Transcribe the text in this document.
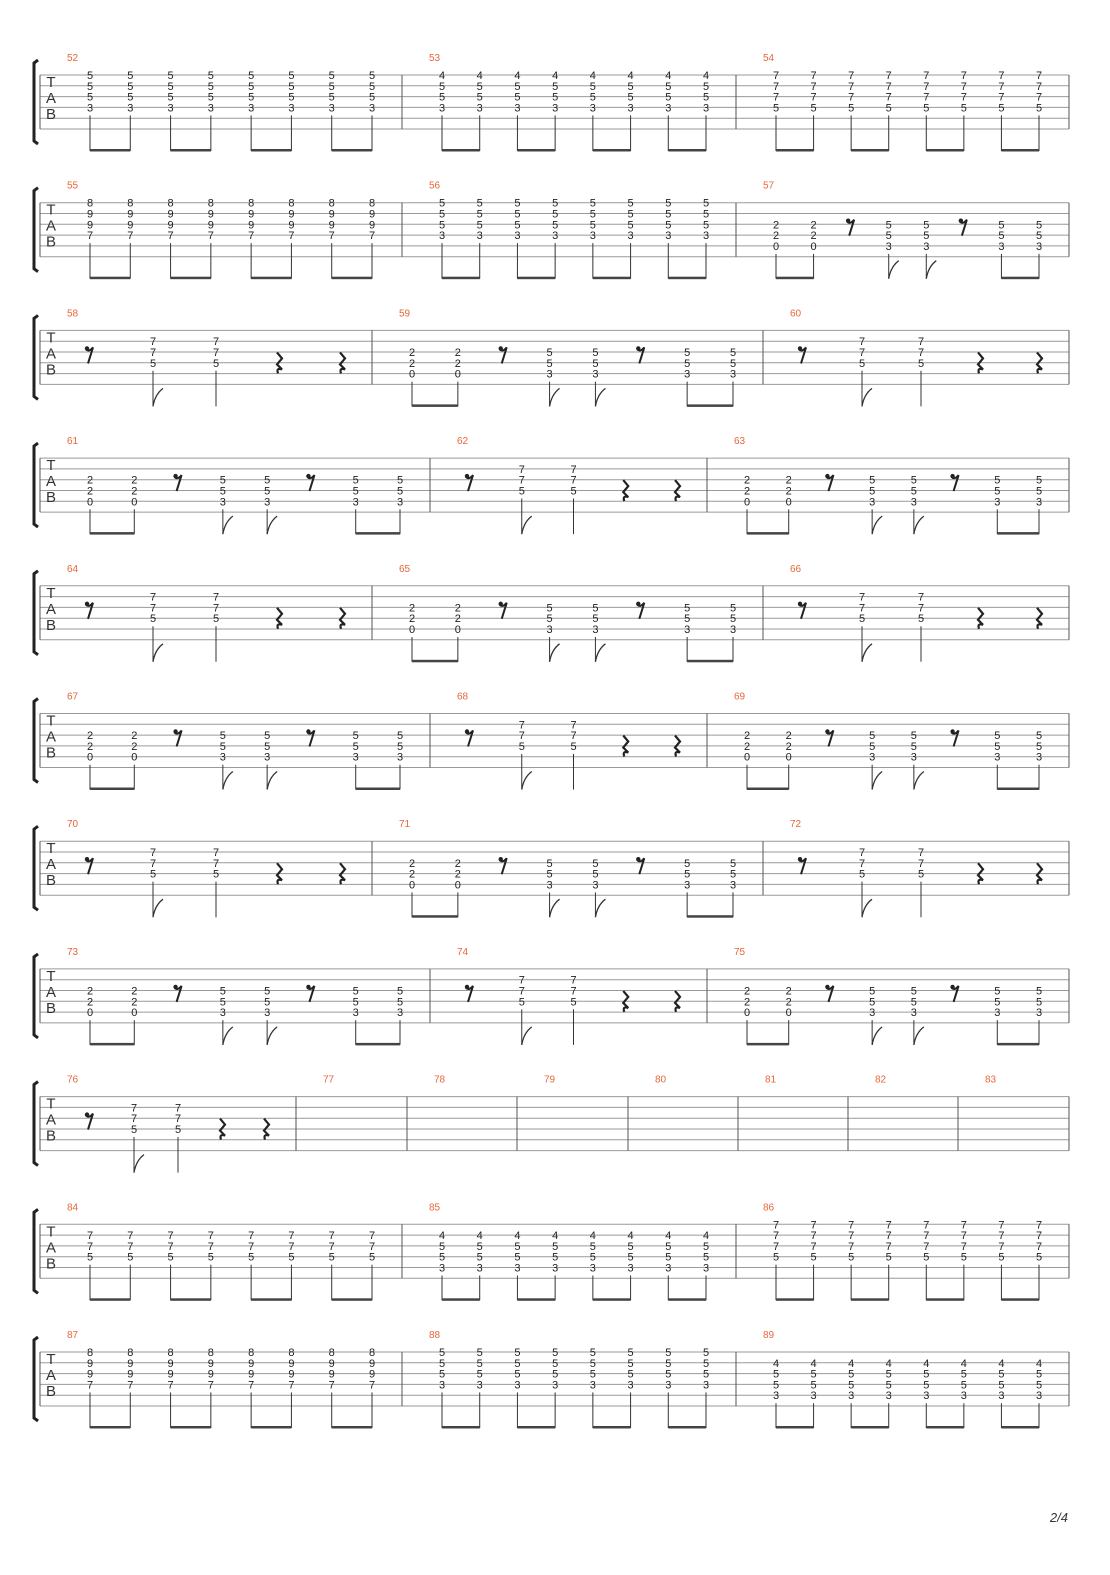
T
A
B
52
5
5
5
3
5
5
5
3
5
5
5
3
5
5
5
3
5
5
5
3
5
5
5
3
5
5
5
3
5
5
5
3
53
4
5
5
3
4
5
5
3
4
5
5
3
4
5
5
3
4
5
5
3
4
5
5
3
4
5
5
3
4
5
5
3
54
7
7
7
5
7
7
7
5
7
7
7
5
7
7
7
5
7
7
7
5
7
7
7
5
7
7
7
5
7
7
7
5
T
A
B
55
8
9
9
7
8
9
9
7
8
9
9
7
8
9
9
7
8
9
9
7
8
9
9
7
8
9
9
7
8
9
9
7
56
5
5
5
3
5
5
5
3
5
5
5
3
5
5
5
3
5
5
5
3
5
5
5
3
5
5
5
3
5
5
5
3
57
2
2
0
2
2
0
5
5
3
5
5
3
5
5
3
5
5
3
T
A
B
58
7
7
5
7
7
5
59
2
2
0
2
2
0
5
5
3
5
5
3
5
5
3
5
5
3
60
7
7
5
7
7
5
T
A
B
61
2
2
0
2
2
0
5
5
3
5
5
3
5
5
3
5
5
3
62
7
7
5
7
7
5
63
2
2
0
2
2
0
5
5
3
5
5
3
5
5
3
5
5
3
T
A
B
64
7
7
5
7
7
5
65
2
2
0
2
2
0
5
5
3
5
5
3
5
5
3
5
5
3
66
7
7
5
7
7
5
T
A
B
67
2
2
0
2
2
0
5
5
3
5
5
3
5
5
3
5
5
3
68
7
7
5
7
7
5
69
2
2
0
2
2
0
5
5
3
5
5
3
5
5
3
5
5
3
T
A
B
70
7
7
5
7
7
5
71
2
2
0
2
2
0
5
5
3
5
5
3
5
5
3
5
5
3
72
7
7
5
7
7
5
T
A
B
73
2
2
0
2
2
0
5
5
3
5
5
3
5
5
3
5
5
3
74
7
7
5
7
7
5
75
2
2
0
2
2
0
5
5
3
5
5
3
5
5
3
5
5
3
T
A
B
76
7
7
5
7
7
5
77	78	79	80	81	82	83
T
A
B
84
7
7
5
7
7
5
7
7
5
7
7
5
7
7
5
7
7
5
7
7
5
7
7
5
85
4
5
5
3
4
5
5
3
4
5
5
3
4
5
5
3
4
5
5
3
4
5
5
3
4
5
5
3
4
5
5
3
86
7
7
7
5
7
7
7
5
7
7
7
5
7
7
7
5
7
7
7
5
7
7
7
5
7
7
7
5
7
7
7
5
T
A
B
87
8
9
9
7
8
9
9
7
8
9
9
7
8
9
9
7
8
9
9
7
8
9
9
7
8
9
9
7
8
9
9
7
88
5
5
5
3
5
5
5
3
5
5
5
3
5
5
5
3
5
5
5
3
5
5
5
3
5
5
5
3
5
5
5
3
89
4
5
5
3
4
5
5
3
4
5
5
3
4
5
5
3
4
5
5
3
4
5
5
3
4
5
5
3
4
5
5
3
2/4
